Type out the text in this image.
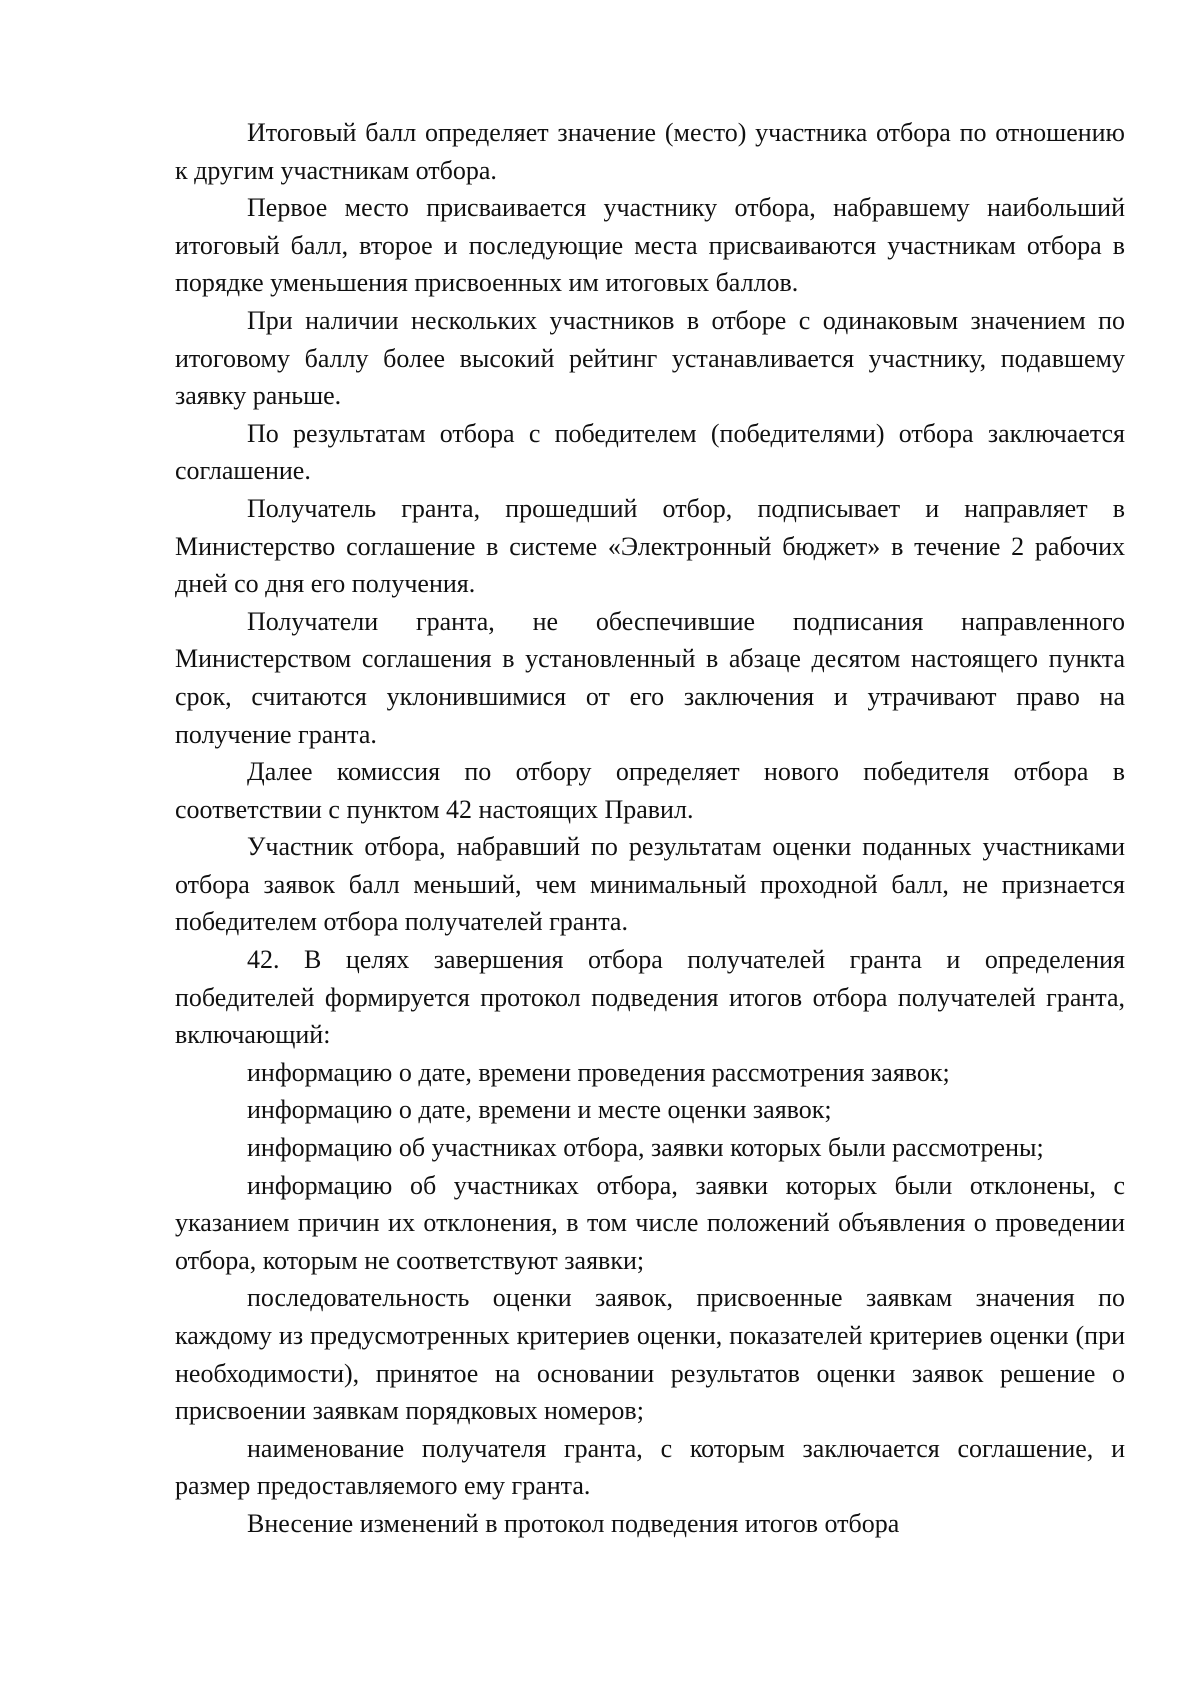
Итоговый балл определяет значение (место) участника отбора по отношению к другим участникам отбора.

Первое место присваивается участнику отбора, набравшему наибольший итоговый балл, второе и последующие места присваиваются участникам отбора в порядке уменьшения присвоенных им итоговых баллов.

При наличии нескольких участников в отборе с одинаковым значением по итоговому баллу более высокий рейтинг устанавливается участнику, подавшему заявку раньше.

По результатам отбора с победителем (победителями) отбора заключается соглашение.

Получатель гранта, прошедший отбор, подписывает и направляет в Министерство соглашение в системе «Электронный бюджет» в течение 2 рабочих дней со дня его получения.

Получатели гранта, не обеспечившие подписания направленного Министерством соглашения в установленный в абзаце десятом настоящего пункта срок, считаются уклонившимися от его заключения и утрачивают право на получение гранта.

Далее комиссия по отбору определяет нового победителя отбора в соответствии с пунктом 42 настоящих Правил.

Участник отбора, набравший по результатам оценки поданных участниками отбора заявок балл меньший, чем минимальный проходной балл, не признается победителем отбора получателей гранта.

42. В целях завершения отбора получателей гранта и определения победителей формируется протокол подведения итогов отбора получателей гранта, включающий:

информацию о дате, времени проведения рассмотрения заявок;

информацию о дате, времени и месте оценки заявок;

информацию об участниках отбора, заявки которых были рассмотрены;

информацию об участниках отбора, заявки которых были отклонены, с указанием причин их отклонения, в том числе положений объявления о проведении отбора, которым не соответствуют заявки;

последовательность оценки заявок, присвоенные заявкам значения по каждому из предусмотренных критериев оценки, показателей критериев оценки (при необходимости), принятое на основании результатов оценки заявок решение о присвоении заявкам порядковых номеров;

наименование получателя гранта, с которым заключается соглашение, и размер предоставляемого ему гранта.

Внесение изменений в протокол подведения итогов отбора
